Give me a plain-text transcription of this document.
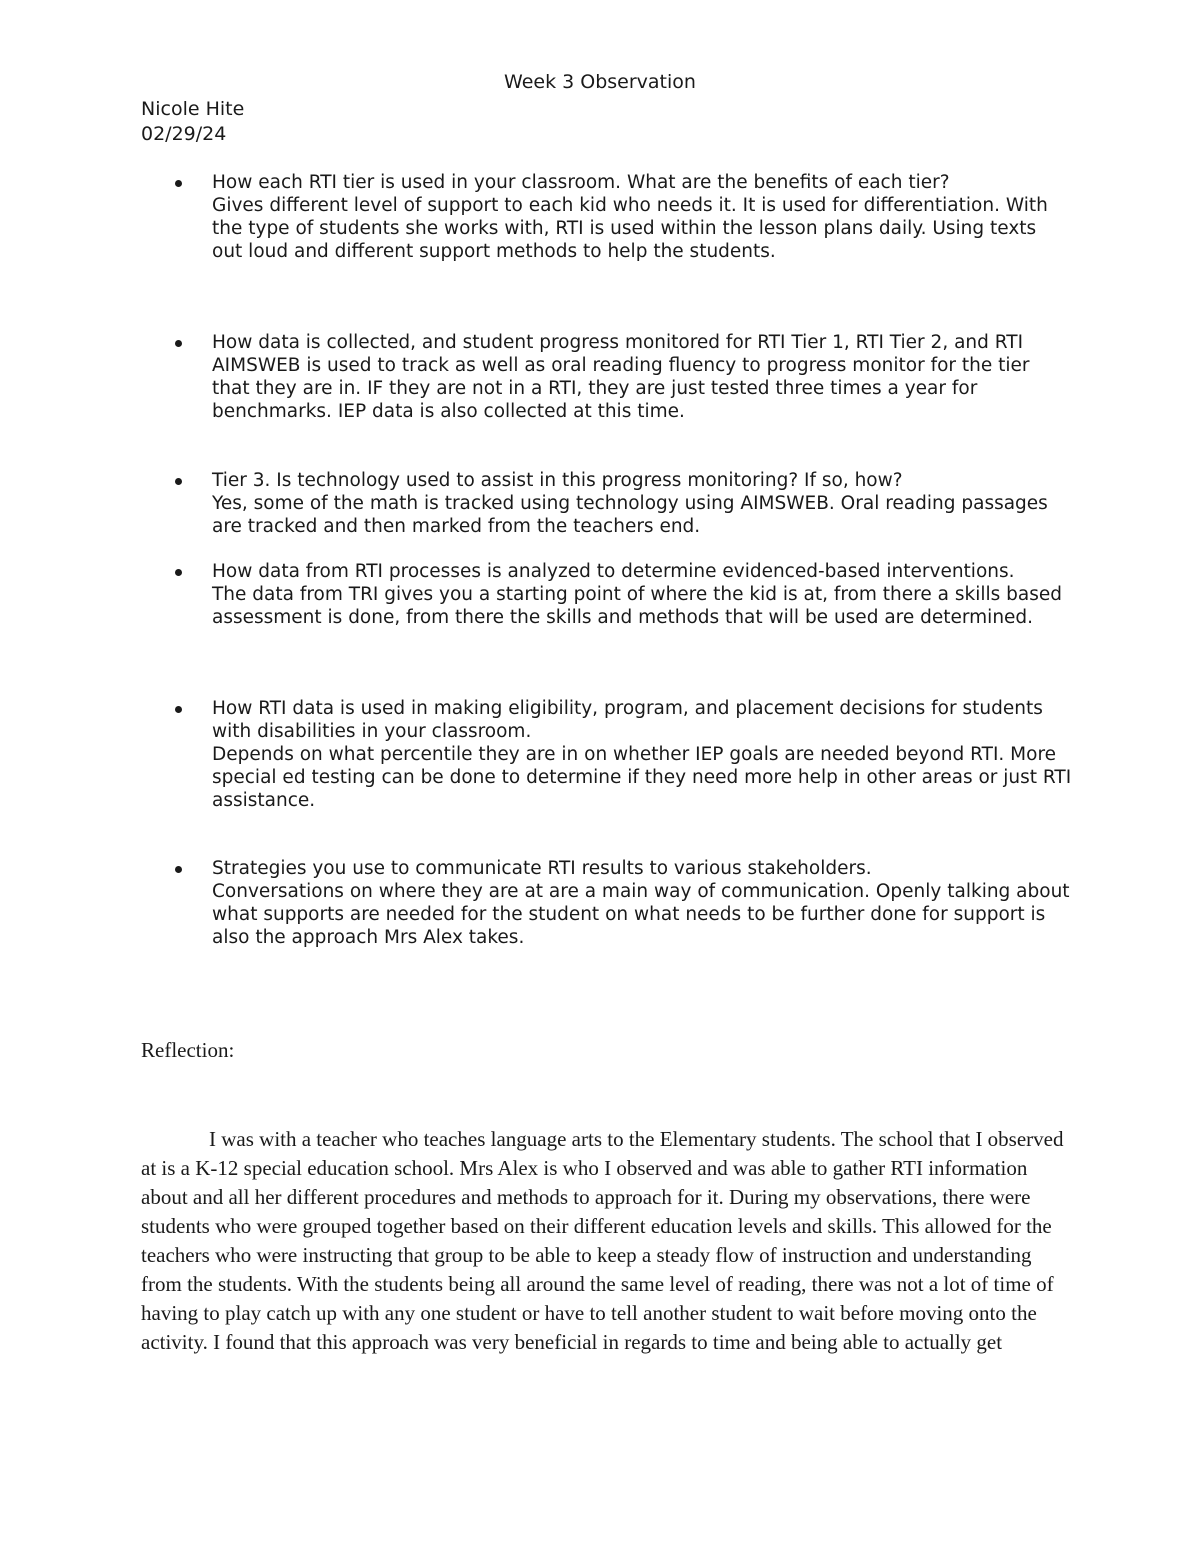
Week 3 Observation
Nicole Hite
02/29/24
How each RTI tier is used in your classroom. What are the benefits of each tier?
Gives different level of support to each kid who needs it. It is used for differentiation. With the type of students she works with, RTI is used within the lesson plans daily. Using texts out loud and different support methods to help the students.
How data is collected, and student progress monitored for RTI Tier 1, RTI Tier 2, and RTI
AIMSWEB is used to track as well as oral reading fluency to progress monitor for the tier that they are in. IF they are not in a RTI, they are just tested three times a year for benchmarks. IEP data is also collected at this time.
Tier 3. Is technology used to assist in this progress monitoring? If so, how?
Yes, some of the math is tracked using technology using AIMSWEB. Oral reading passages are tracked and then marked from the teachers end.
How data from RTI processes is analyzed to determine evidenced-based interventions.
The data from TRI gives you a starting point of where the kid is at, from there a skills based assessment is done, from there the skills and methods that will be used are determined.
How RTI data is used in making eligibility, program, and placement decisions for students with disabilities in your classroom.
Depends on what percentile they are in on whether IEP goals are needed beyond RTI. More special ed testing can be done to determine if they need more help in other areas or just RTI assistance.
Strategies you use to communicate RTI results to various stakeholders.
Conversations on where they are at are a main way of communication. Openly talking about what supports are needed for the student on what needs to be further done for support is also the approach Mrs Alex takes.
Reflection:

I was with a teacher who teaches language arts to the Elementary students. The school that I observed at is a K-12 special education school. Mrs Alex is who I observed and was able to gather RTI information about and all her different procedures and methods to approach for it. During my observations, there were students who were grouped together based on their different education levels and skills. This allowed for the teachers who were instructing that group to be able to keep a steady flow of instruction and understanding from the students. With the students being all around the same level of reading, there was not a lot of time of having to play catch up with any one student or have to tell another student to wait before moving onto the activity. I found that this approach was very beneficial in regards to time and being able to actually get
